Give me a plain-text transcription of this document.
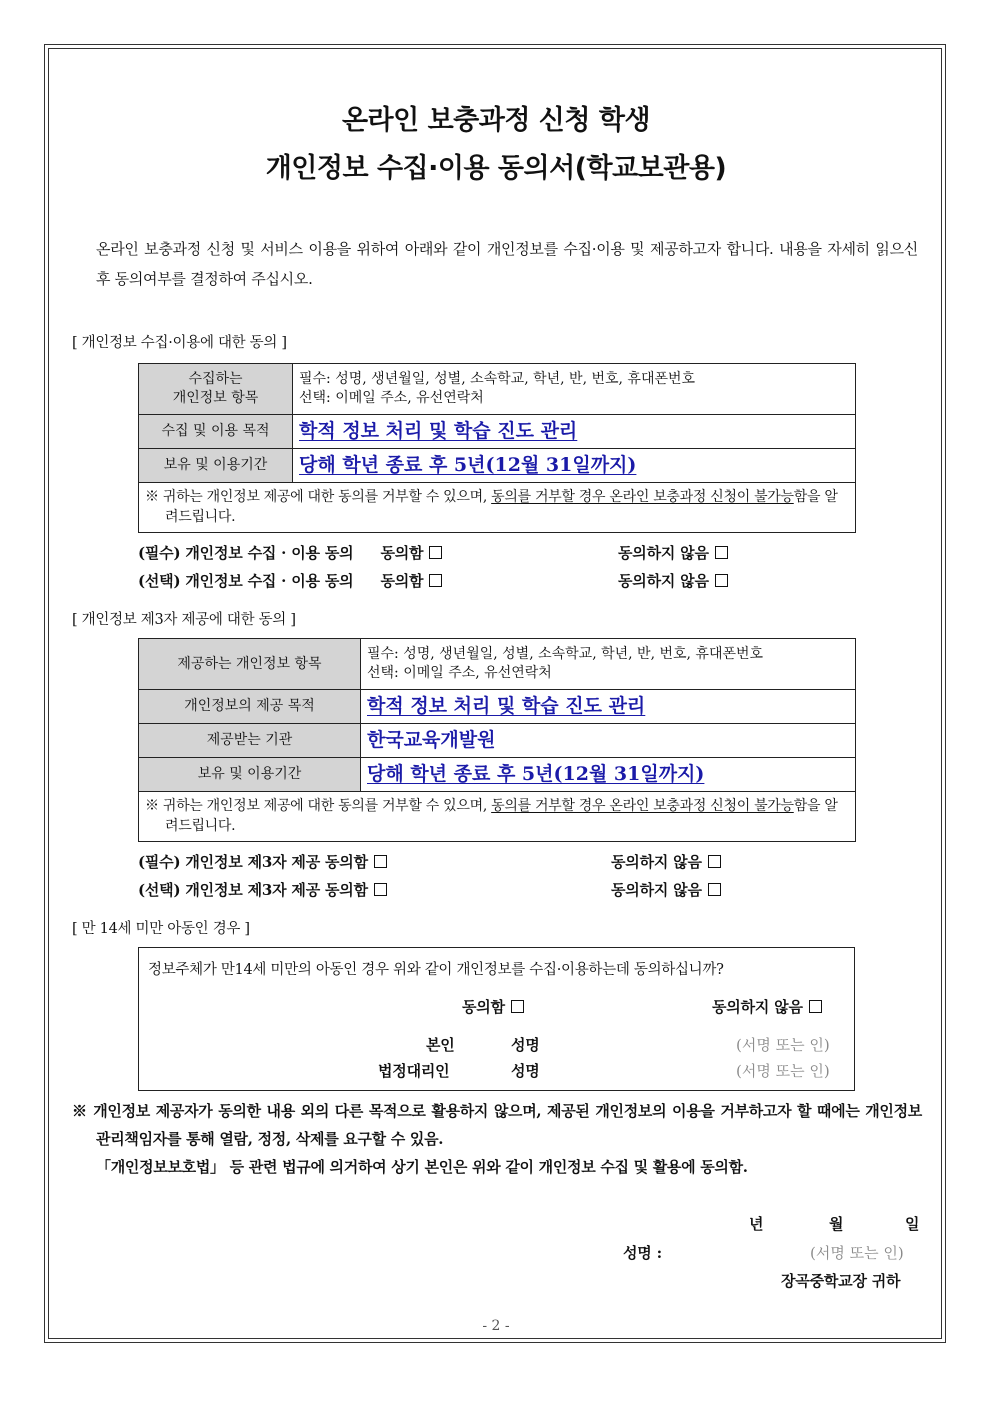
온라인 보충과정 신청 학생
개인정보 수집·이용 동의서(학교보관용)
온라인 보충과정 신청 및 서비스 이용을 위하여 아래와 같이 개인정보를 수집·이용 및 제공하고자 합니다. 내용을 자세히 읽으신 후 동의여부를 결정하여 주십시오.
[ 개인정보 수집·이용에 대한 동의 ]
수집하는
개인정보 항목	필수: 성명, 생년월일, 성별, 소속학교, 학년, 반, 번호, 휴대폰번호
선택: 이메일 주소, 유선연락처
수집 및 이용 목적	학적 정보 처리 및 학습 진도 관리
보유 및 이용기간	당해 학년 종료 후 5년(12월 31일까지)

※ 귀하는 개인정보 제공에 대한 동의를 거부할 수 있으며, 동의를 거부할 경우 온라인 보충과정 신청이 불가능함을 알려드립니다.	
(필수) 개인정보 수집 · 이용 동의 동의함	동의하지 않음
(선택) 개인정보 수집 · 이용 동의 동의함	동의하지 않음
[ 개인정보 제3자 제공에 대한 동의 ]
제공하는 개인정보 항목	필수: 성명, 생년월일, 성별, 소속학교, 학년, 반, 번호, 휴대폰번호
선택: 이메일 주소, 유선연락처
개인정보의 제공 목적	학적 정보 처리 및 학습 진도 관리
제공받는 기관	한국교육개발원
보유 및 이용기간	당해 학년 종료 후 5년(12월 31일까지)

※ 귀하는 개인정보 제공에 대한 동의를 거부할 수 있으며, 동의를 거부할 경우 온라인 보충과정 신청이 불가능함을 알려드립니다.	
(필수) 개인정보 제3자 제공 동의함	동의하지 않음
(선택) 개인정보 제3자 제공 동의함	동의하지 않음
[ 만 14세 미만 아동인 경우 ]
정보주체가 만14세 미만의 아동인 경우 위와 같이 개인정보를 수집·이용하는데 동의하십니까?
동의함	동의하지 않음
본인	성명	(서명 또는 인)
법정대리인	성명	(서명 또는 인)
※ 개인정보 제공자가 동의한 내용 외의 다른 목적으로 활용하지 않으며, 제공된 개인정보의 이용을 거부하고자 할 때에는 개인정보 관리책임자를 통해 열람, 정정, 삭제를 요구할 수 있음.
「개인정보보호법」 등 관련 법규에 의거하여 상기 본인은 위와 같이 개인정보 수집 및 활용에 동의함.
년	월	일
성명 :	(서명 또는 인)
장곡중학교장 귀하
- 2 -
